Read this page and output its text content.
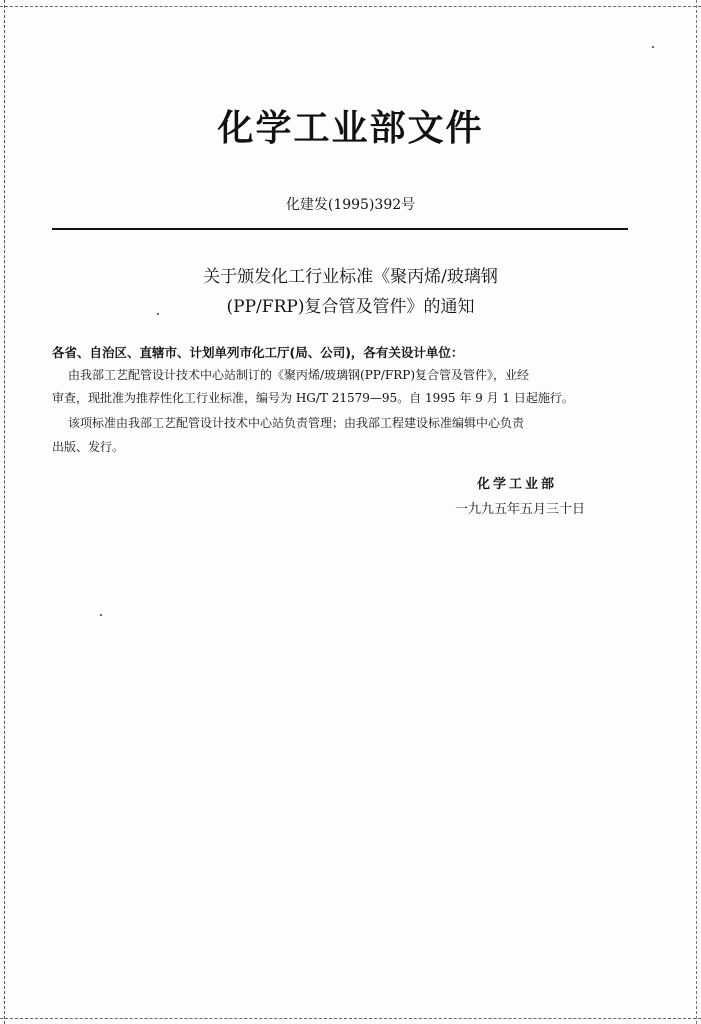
化学工业部文件
化建发(1995)392号
关于颁发化工行业标准《聚丙烯/玻璃钢
(PP/FRP)复合管及管件》的通知
各省、自治区、直辖市、计划单列市化工厅(局、公司)，各有关设计单位：
由我部工艺配管设计技术中心站制订的《聚丙烯/玻璃钢(PP/FRP)复合管及管件》，业经
审查，现批准为推荐性化工行业标准，编号为 HG/T 21579—95。自 1995 年 9 月 1 日起施行。
该项标准由我部工艺配管设计技术中心站负责管理；由我部工程建设标准编辑中心负责
出版、发行。
化学工业部
一九九五年五月三十日
